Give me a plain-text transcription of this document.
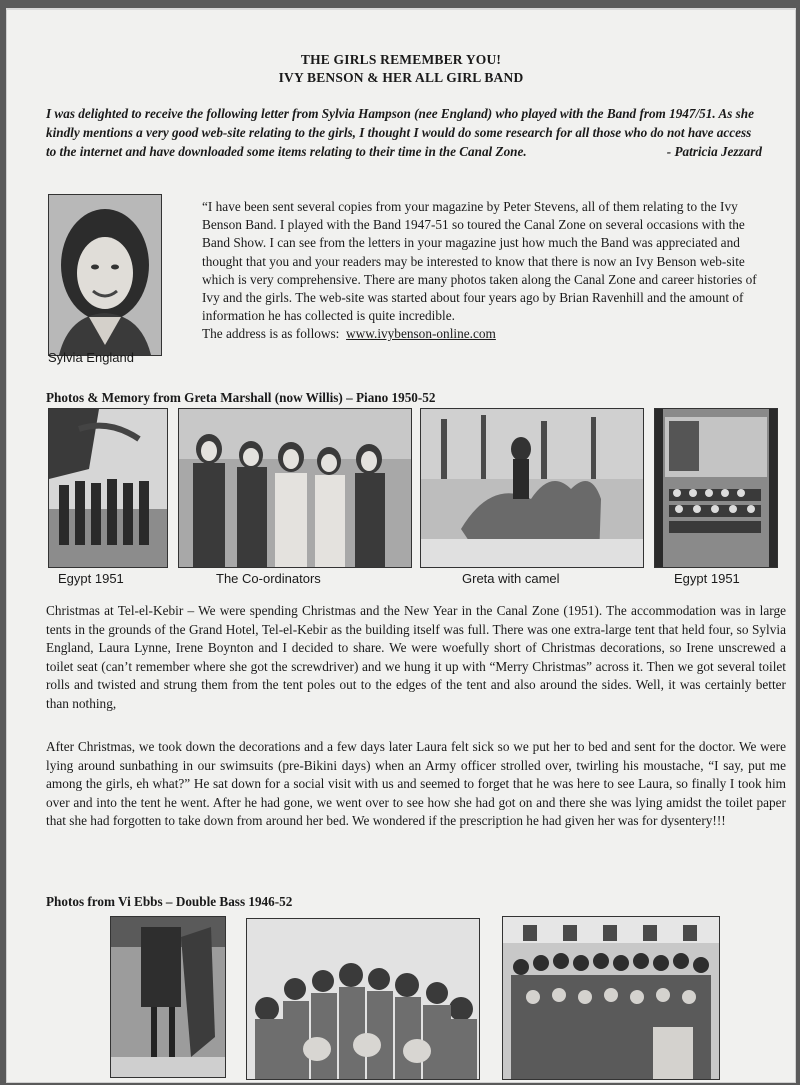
THE GIRLS REMEMBER YOU!
IVY BENSON & HER ALL GIRL BAND
I was delighted to receive the following letter from Sylvia Hampson (nee England) who played with the Band from 1947/51. As she kindly mentions a very good web-site relating to the girls, I thought I would do some research for all those who do not have access to the internet and have downloaded some items relating to their time in the Canal Zone.	- Patricia Jezzard
Sylvia England
“I have been sent several copies from your magazine by Peter Stevens, all of them relating to the Ivy Benson Band. I played with the Band 1947-51 so toured the Canal Zone on several occasions with the Band Show. I can see from the letters in your magazine just how much the Band was appreciated and thought that you and your readers may be interested to know that there is now an Ivy Benson web-site which is very comprehensive. There are many photos taken along the Canal Zone and career histories of Ivy and the girls. The web-site was started about four years ago by Brian Ravenhill and the amount of information he has collected is quite incredible.
The address is as follows: www.ivybenson-online.com
Photos & Memory from Greta Marshall (now Willis) – Piano 1950-52
Egypt 1951	The Co-ordinators	Greta with camel	Egypt 1951
Christmas at Tel-el-Kebir – We were spending Christmas and the New Year in the Canal Zone (1951). The accommodation was in large tents in the grounds of the Grand Hotel, Tel-el-Kebir as the building itself was full. There was one extra-large tent that held four, so Sylvia England, Laura Lynne, Irene Boynton and I decided to share. We were woefully short of Christmas decorations, so Irene unscrewed a toilet seat (can’t remember where she got the screwdriver) and we hung it up with “Merry Christmas” across it. Then we got several toilet rolls and twisted and strung them from the tent poles out to the edges of the tent and also around the sides. Well, it was certainly better than nothing,
After Christmas, we took down the decorations and a few days later Laura felt sick so we put her to bed and sent for the doctor. We were lying around sunbathing in our swimsuits (pre-Bikini days) when an Army officer strolled over, twirling his moustache, “I say, put me among the girls, eh what?” He sat down for a social visit with us and seemed to forget that he was here to see Laura, so finally I took him over and into the tent he went. After he had gone, we went over to see how she had got on and there she was lying amidst the toilet paper that she had forgotten to take down from around her bed. We wondered if the prescription he had given her was for dysentery!!!
Photos from Vi Ebbs – Double Bass 1946-52
